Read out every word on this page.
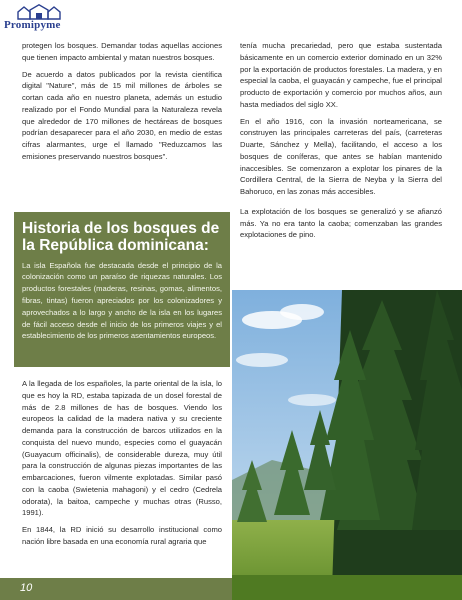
Promipyme

protegen los bosques. Demandar todas aquellas acciones que tienen impacto ambiental y matan nuestros bosques.

De acuerdo a datos publicados por la revista científica digital "Nature", más de 15 mil millones de árboles se cortan cada año en nuestro planeta, además un estudio realizado por el Fondo Mundial para la Naturaleza revela que alrededor de 170 millones de hectáreas de bosques podrían desaparecer para el año 2030, en medio de estas cifras alarmantes, urge el llamado "Reduzcamos las emisiones preservando nuestros bosques".

Historia de los bosques de la República dominicana:

La isla Española fue destacada desde el principio de la colonización como un paraíso de riquezas naturales. Los productos forestales (maderas, resinas, gomas, alimentos, fibras, tintas) fueron apreciados por los colonizadores y aprovechados a lo largo y ancho de la isla en los lugares de fácil acceso desde el inicio de los primeros viajes y el establecimiento de los primeros asentamientos europeos.

A la llegada de los españoles, la parte oriental de la isla, lo que es hoy la RD, estaba tapizada de un dosel forestal de más de 2.8 millones de has de bosques. Viendo los europeos la calidad de la madera nativa y su creciente demanda para la construcción de barcos utilizados en la conquista del nuevo mundo, especies como el guayacán (Guayacum officinalis), de considerable dureza, muy útil para la construcción de algunas piezas importantes de las embarcaciones, fueron vilmente explotadas. Similar pasó con la caoba (Swietenia mahagoni) y el cedro (Cedrela odorata), la baitoa, campeche y muchas otras (Russo, 1991).

En 1844, la RD inició su desarrollo institucional como nación libre basada en una economía rural agraria que

tenía mucha precariedad, pero que estaba sustentada básicamente en un comercio exterior dominado en un 32% por la exportación de productos forestales. La madera, y en especial la caoba, el guayacán y campeche, fue el principal producto de exportación y comercio por muchos años, aun hasta mediados del siglo XX.

En el año 1916, con la invasión norteamericana, se construyen las principales carreteras del país, (carreteras Duarte, Sánchez y Mella), facilitando, el acceso a los bosques de coníferas, que antes se habían mantenido inaccesibles. Se comenzaron a explotar los pinares de la Cordillera Central, de la Sierra de Neyba y la Sierra del Bahoruco, en las zonas más accesibles.

La explotación de los bosques se generalizó y se afianzó más. Ya no era tanto la caoba; comenzaban las grandes explotaciones de pino.

10
